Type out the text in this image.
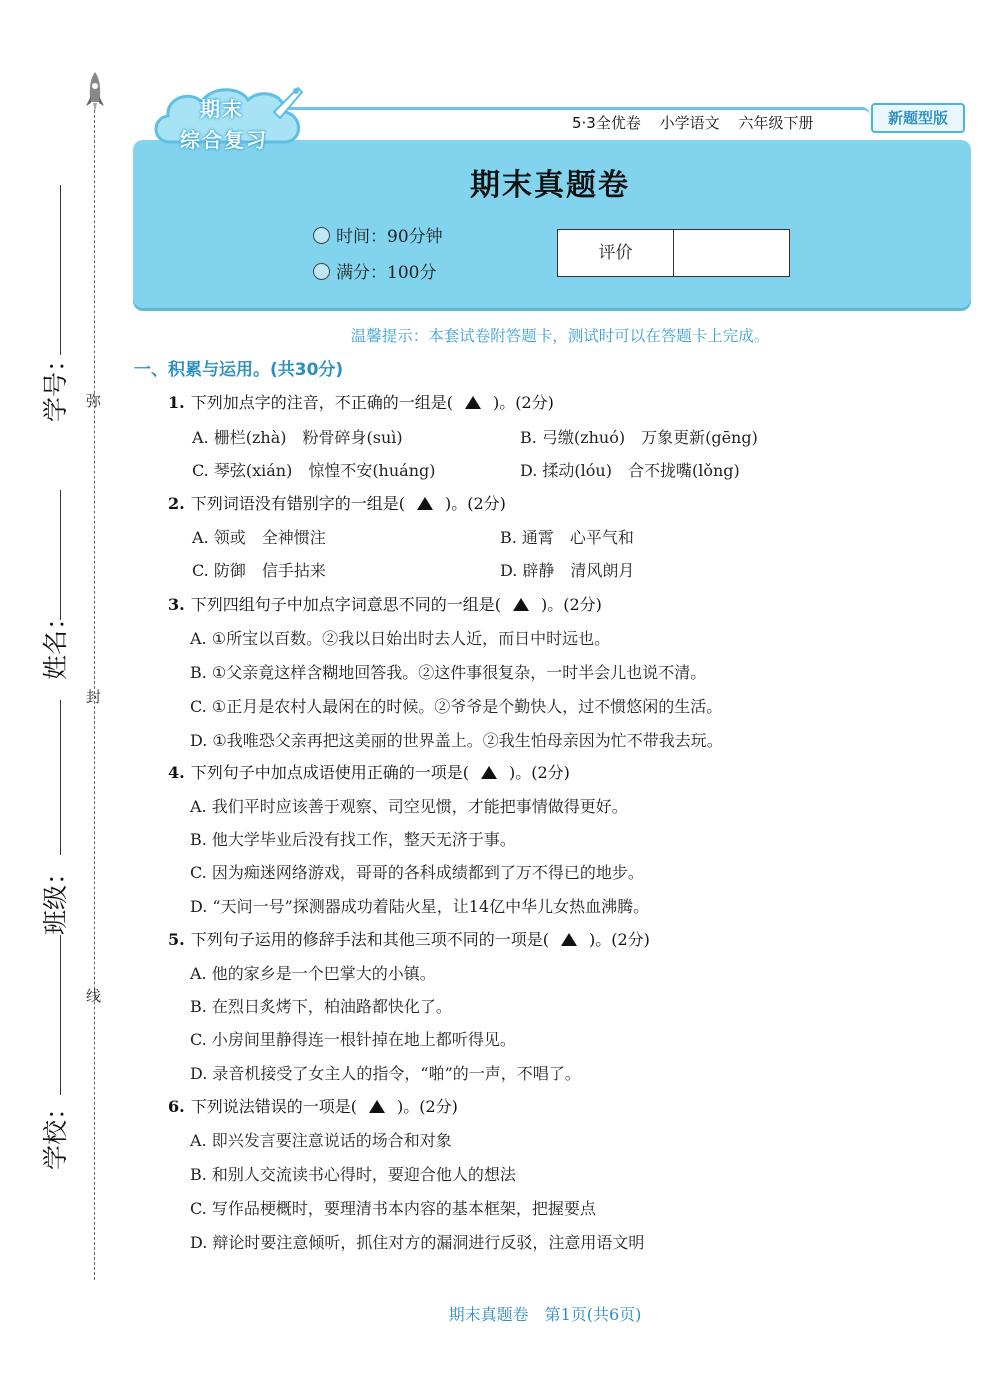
弥
封
线
学号：
姓名：
班级：
学校：
期末
综合复习
5·3全优卷 小学语文 六年级下册	新题型版
期末真题卷
时间：90分钟
满分：100分
评价
温馨提示：本套试卷附答题卡，测试时可以在答题卡上完成。
一、积累与运用。(共30分)
1. 下列加点字的注音，不正确的一组是(	)。(2分)
A. 栅栏(zhà)　粉骨碎身(suì)	B. 弓缴(zhuó)　万象更新(gēng)
C. 琴弦(xián)　惊惶不安(huáng)	D. 揉动(lóu)　合不拢嘴(lǒng)
2. 下列词语没有错别字的一组是(	)。(2分)
A. 领或　全神惯注	B. 通霄　心平气和
C. 防御　信手拈来	D. 辟静　清风朗月
3. 下列四组句子中加点字词意思不同的一组是(	)。(2分)
A. ①所宝以百数。②我以日始出时去人近，而日中时远也。
B. ①父亲竟这样含糊地回答我。②这件事很复杂，一时半会儿也说不清。
C. ①正月是农村人最闲在的时候。②爷爷是个勤快人，过不惯悠闲的生活。
D. ①我唯恐父亲再把这美丽的世界盖上。②我生怕母亲因为忙不带我去玩。
4. 下列句子中加点成语使用正确的一项是(	)。(2分)
A. 我们平时应该善于观察、司空见惯，才能把事情做得更好。
B. 他大学毕业后没有找工作，整天无济于事。
C. 因为痴迷网络游戏，哥哥的各科成绩都到了万不得已的地步。
D. “天问一号”探测器成功着陆火星，让14亿中华儿女热血沸腾。
5. 下列句子运用的修辞手法和其他三项不同的一项是(	)。(2分)
A. 他的家乡是一个巴掌大的小镇。
B. 在烈日炙烤下，柏油路都快化了。
C. 小房间里静得连一根针掉在地上都听得见。
D. 录音机接受了女主人的指令，“啪”的一声，不唱了。
6. 下列说法错误的一项是(	)。(2分)
A. 即兴发言要注意说话的场合和对象
B. 和别人交流读书心得时，要迎合他人的想法
C. 写作品梗概时，要理清书本内容的基本框架，把握要点
D. 辩论时要注意倾听，抓住对方的漏洞进行反驳，注意用语文明
期末真题卷　第1页(共6页)
